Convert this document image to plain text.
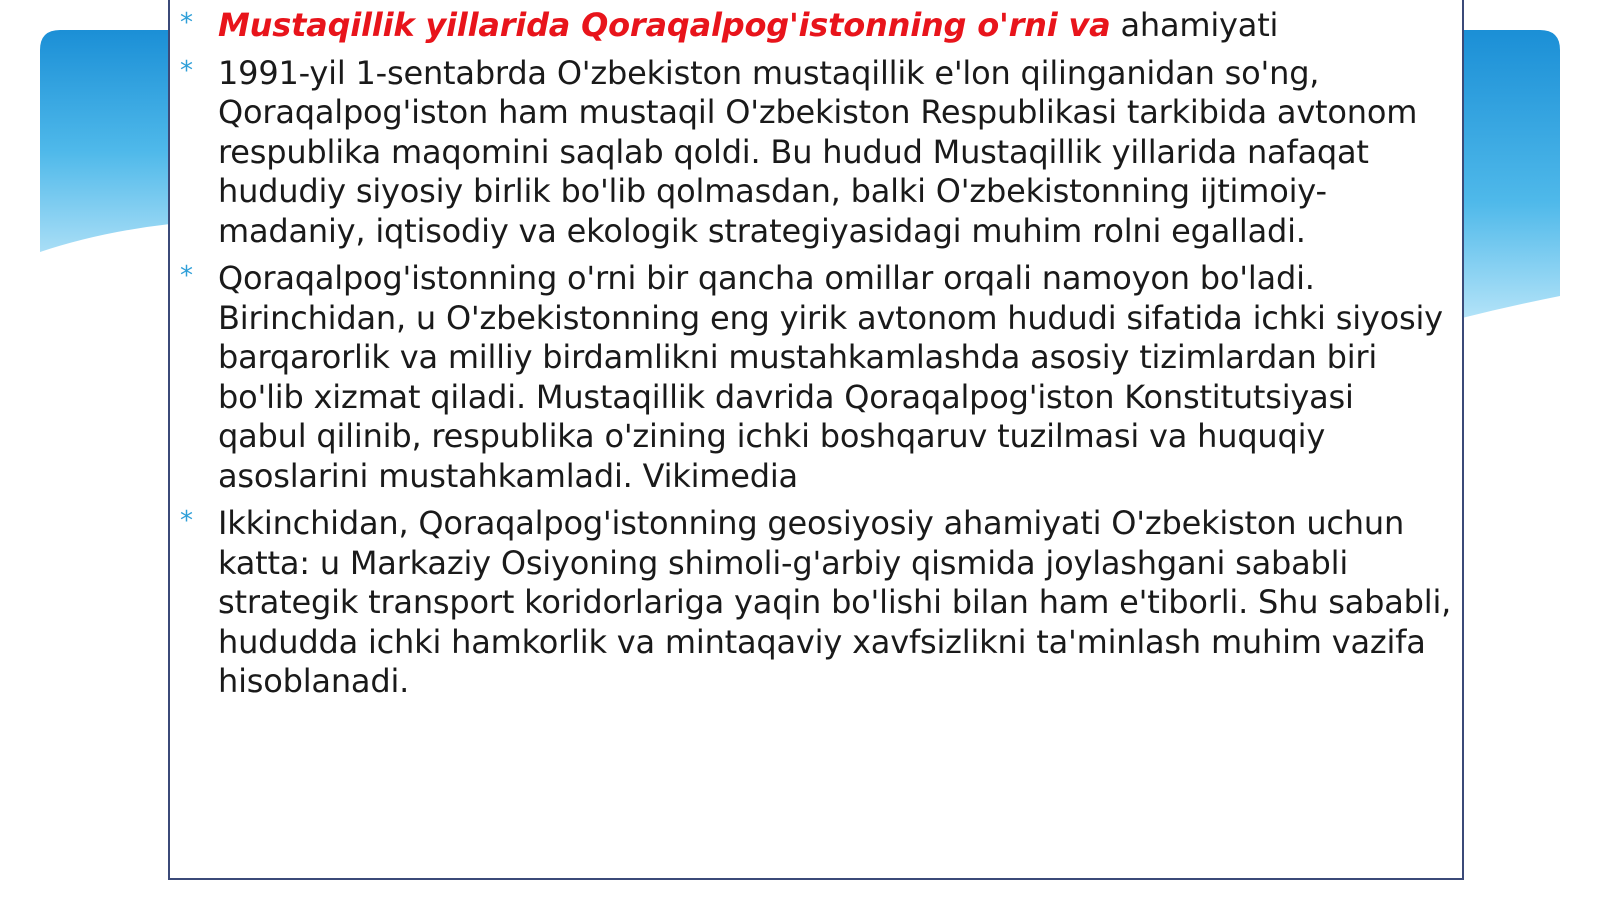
* Mustaqillik yillarida Qoraqalpog'istonning o'rni va ahamiyati
* 1991-yil 1-sentabrda O'zbekiston mustaqillik e'lon qilinganidan so'ng, Qoraqalpog'iston ham mustaqil O'zbekiston Respublikasi tarkibida avtonom respublika maqomini saqlab qoldi. Bu hudud Mustaqillik yillarida nafaqat hududiy siyosiy birlik bo'lib qolmasdan, balki O'zbekistonning ijtimoiy-madaniy, iqtisodiy va ekologik strategiyasidagi muhim rolni egalladi.
* Qoraqalpog'istonning o'rni bir qancha omillar orqali namoyon bo'ladi. Birinchidan, u O'zbekistonning eng yirik avtonom hududi sifatida ichki siyosiy barqarorlik va milliy birdamlikni mustahkamlashda asosiy tizimlardan biri bo'lib xizmat qiladi. Mustaqillik davrida Qoraqalpog'iston Konstitutsiyasi qabul qilinib, respublika o'zining ichki boshqaruv tuzilmasi va huquqiy asoslarini mustahkamladi. Vikimedia
* Ikkinchidan, Qoraqalpog'istonning geosiyosiy ahamiyati O'zbekiston uchun katta: u Markaziy Osiyoning shimoli-g'arbiy qismida joylashgani sababli strategik transport koridorlariga yaqin bo'lishi bilan ham e'tiborli. Shu sababli, hududda ichki hamkorlik va mintaqaviy xavfsizlikni ta'minlash muhim vazifa hisoblanadi.
